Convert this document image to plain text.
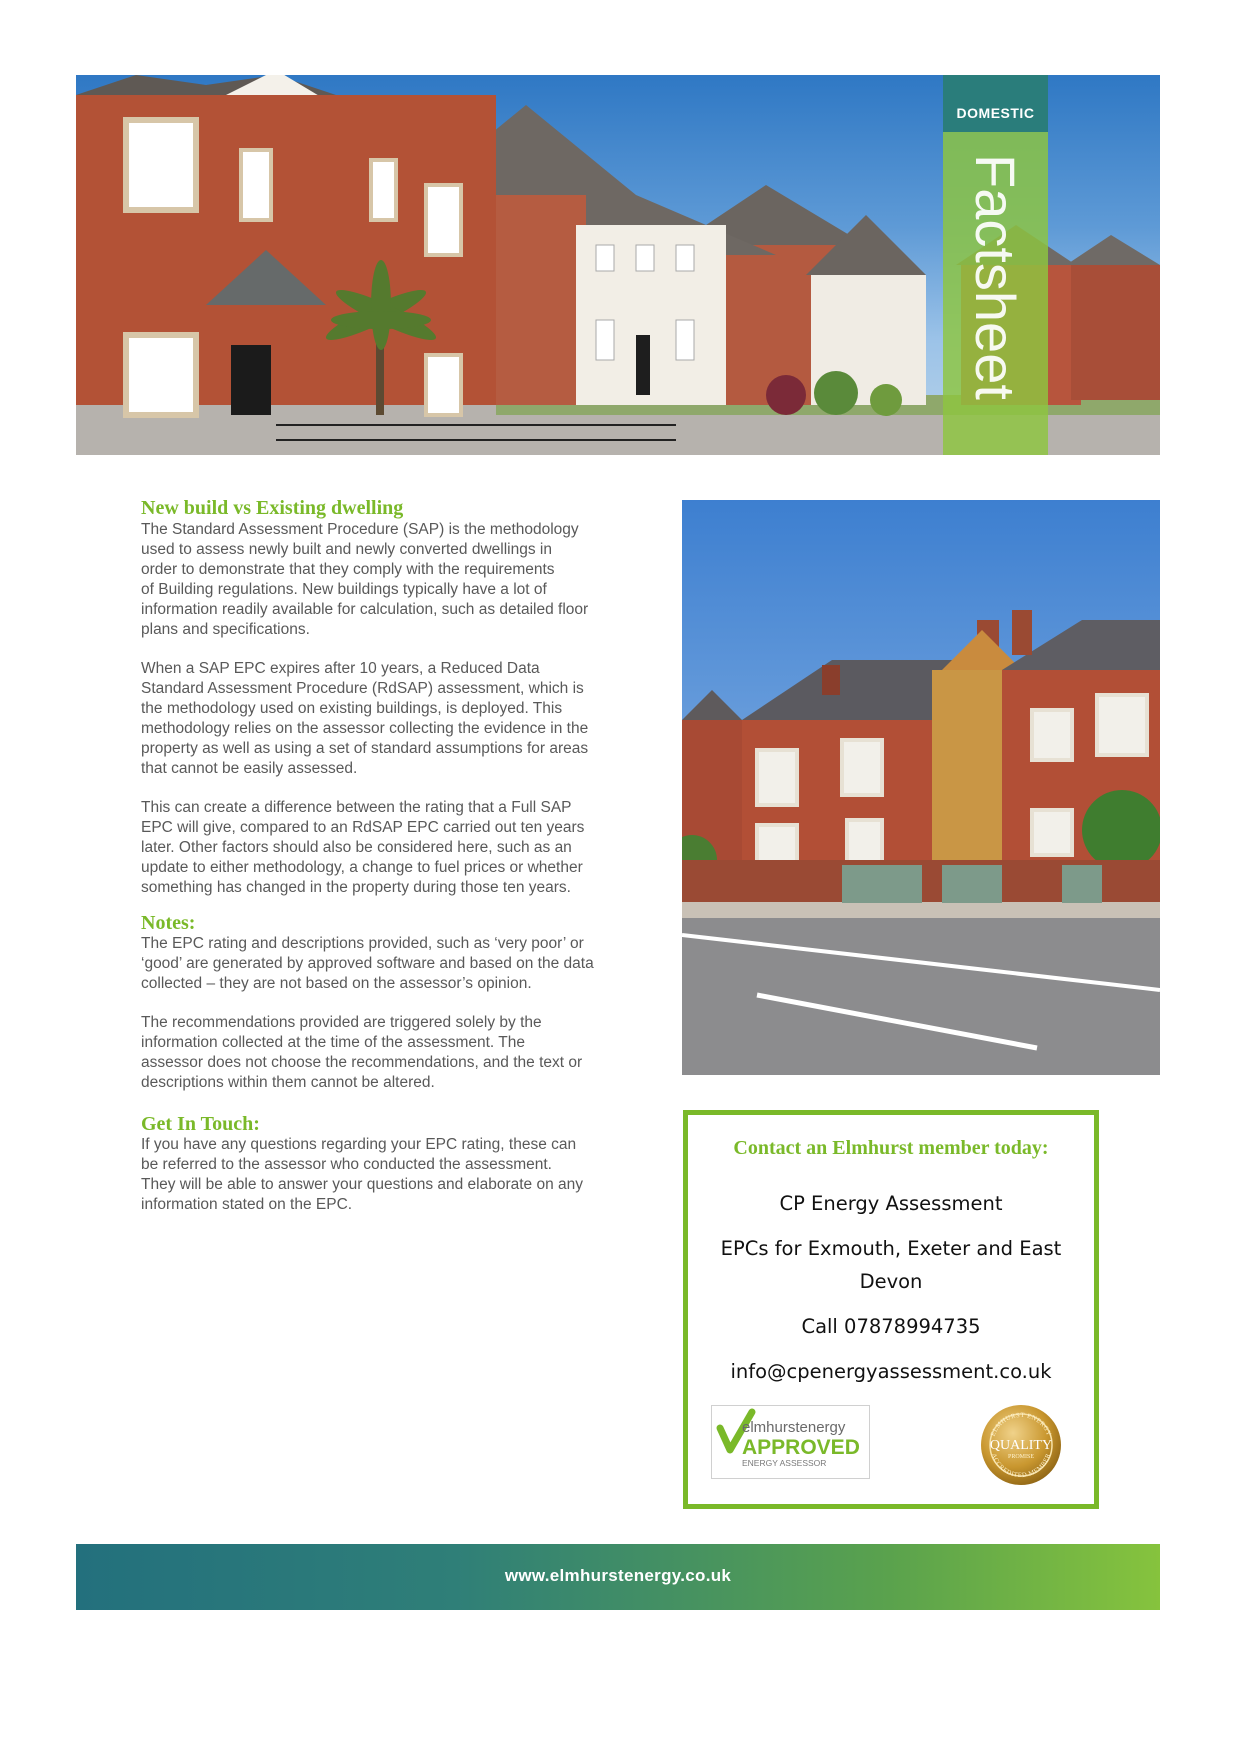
DOMESTIC
Factsheet
New build vs Existing dwelling

The Standard Assessment Procedure (SAP) is the methodology
used to assess newly built and newly converted dwellings in
order to demonstrate that they comply with the requirements
of Building regulations. New buildings typically have a lot of
information readily available for calculation, such as detailed floor
plans and specifications.

When a SAP EPC expires after 10 years, a Reduced Data
Standard Assessment Procedure (RdSAP) assessment, which is
the methodology used on existing buildings, is deployed. This
methodology relies on the assessor collecting the evidence in the
property as well as using a set of standard assumptions for areas
that cannot be easily assessed.

This can create a difference between the rating that a Full SAP
EPC will give, compared to an RdSAP EPC carried out ten years
later. Other factors should also be considered here, such as an
update to either methodology, a change to fuel prices or whether
something has changed in the property during those ten years.

Notes:

The EPC rating and descriptions provided, such as ‘very poor’ or
‘good’ are generated by approved software and based on the data
collected – they are not based on the assessor’s opinion.

The recommendations provided are triggered solely by the
information collected at the time of the assessment. The
assessor does not choose the recommendations, and the text or
descriptions within them cannot be altered.

Get In Touch:

If you have any questions regarding your EPC rating, these can
be referred to the assessor who conducted the assessment.
They will be able to answer your questions and elaborate on any
information stated on the EPC.

Contact an Elmhurst member today:
CP Energy Assessment
EPCs for Exmouth, Exeter and East
Devon
Call 07878994735
info@cpenergyassessment.co.uk
elmhurstenergy
APPROVED
ENERGY ASSESSOR
ELMHURST ENERGY
ACCREDITED MEMBER
QUALITY
PROMISE
www.elmhurstenergy.co.uk
